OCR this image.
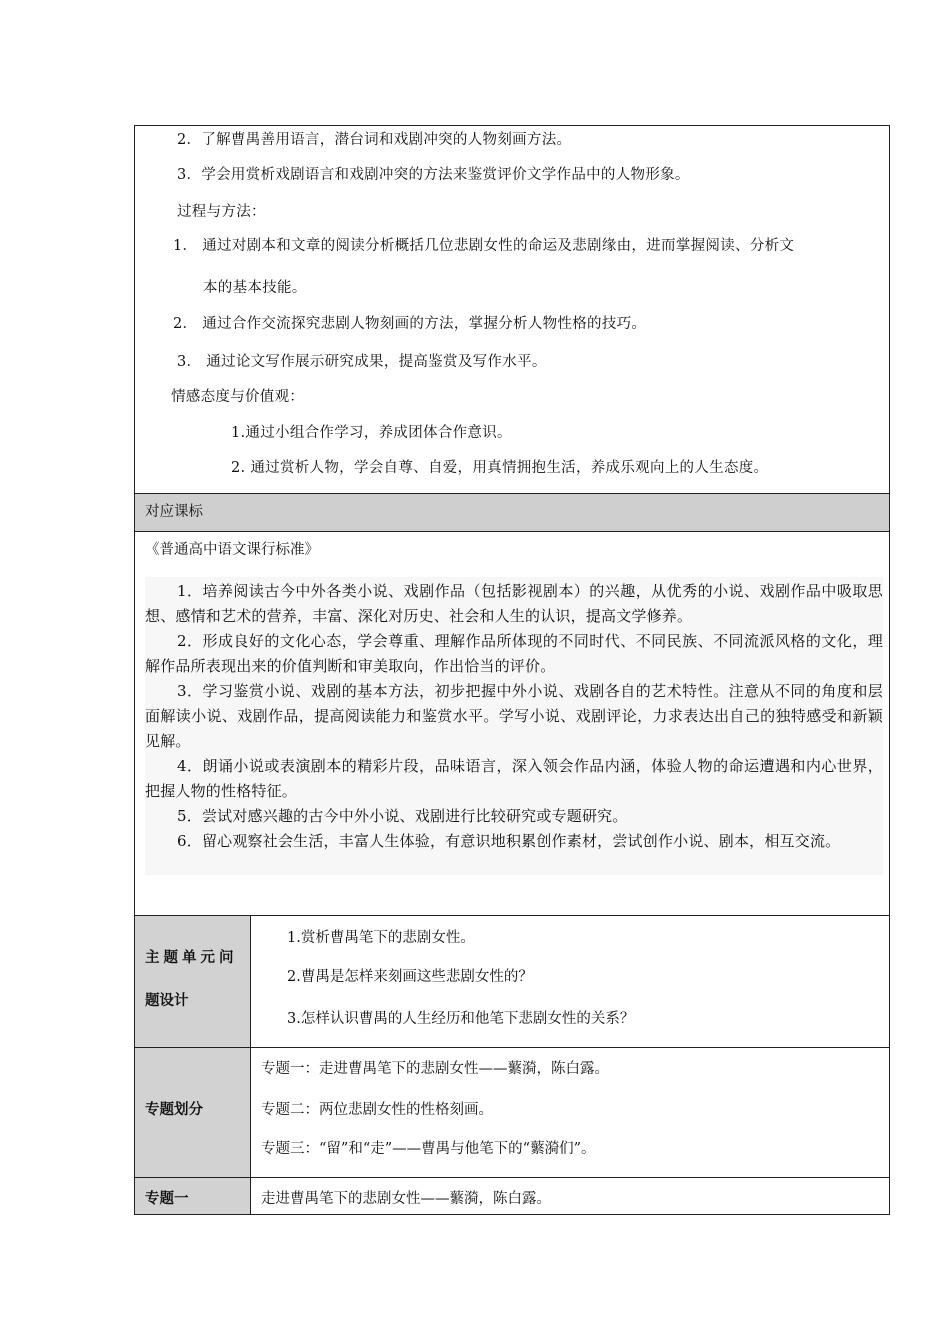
2．了解曹禺善用语言，潜台词和戏剧冲突的人物刻画方法。
3．学会用赏析戏剧语言和戏剧冲突的方法来鉴赏评价文学作品中的人物形象。
过程与方法：
1． 通过对剧本和文章的阅读分析概括几位悲剧女性的命运及悲剧缘由，进而掌握阅读、分析文
本的基本技能。
2． 通过合作交流探究悲剧人物刻画的方法，掌握分析人物性格的技巧。
3． 通过论文写作展示研究成果，提高鉴赏及写作水平。
情感态度与价值观：
1.通过小组合作学习，养成团体合作意识。
2. 通过赏析人物，学会自尊、自爱，用真情拥抱生活，养成乐观向上的人生态度。
对应课标
《普通高中语文课行标准》
1．培养阅读古今中外各类小说、戏剧作品（包括影视剧本）的兴趣，从优秀的小说、戏剧作品中吸取思想、感情和艺术的营养，丰富、深化对历史、社会和人生的认识，提高文学修养。
2．形成良好的文化心态，学会尊重、理解作品所体现的不同时代、不同民族、不同流派风格的文化，理解作品所表现出来的价值判断和审美取向，作出恰当的评价。
3．学习鉴赏小说、戏剧的基本方法，初步把握中外小说、戏剧各自的艺术特性。注意从不同的角度和层面解读小说、戏剧作品，提高阅读能力和鉴赏水平。学写小说、戏剧评论，力求表达出自己的独特感受和新颖见解。
4．朗诵小说或表演剧本的精彩片段，品味语言，深入领会作品内涵，体验人物的命运遭遇和内心世界，把握人物的性格特征。
5．尝试对感兴趣的古今中外小说、戏剧进行比较研究或专题研究。
6．留心观察社会生活，丰富人生体验，有意识地积累创作素材，尝试创作小说、剧本，相互交流。
主题单元问
题设计
1.赏析曹禺笔下的悲剧女性。
2.曹禺是怎样来刻画这些悲剧女性的？
3.怎样认识曹禺的人生经历和他笔下悲剧女性的关系？
专题划分
专题一：走进曹禺笔下的悲剧女性——蘩漪，陈白露。
专题二：两位悲剧女性的性格刻画。
专题三：“留”和“走”——曹禺与他笔下的“蘩漪们”。
专题一	走进曹禺笔下的悲剧女性——蘩漪，陈白露。
